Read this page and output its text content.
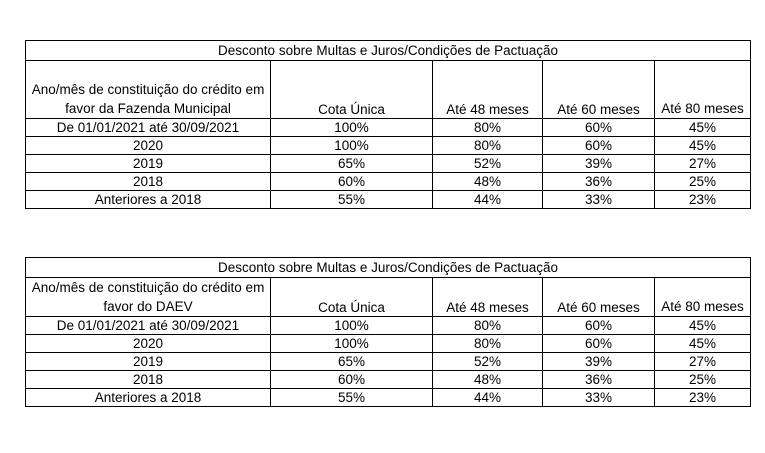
Desconto sobre Multas e Juros/Condições de Pactuação				
Ano/mês de constituição do crédito em favor da Fazenda Municipal	Cota Única	Até 48 meses	Até 60 meses	Até 80 meses
De 01/01/2021 até 30/09/2021	100%	80%	60%	45%
2020	100%	80%	60%	45%
2019	65%	52%	39%	27%
2018	60%	48%	36%	25%
Anteriores a 2018	55%	44%	33%	23%
Desconto sobre Multas e Juros/Condições de Pactuação				
Ano/mês de constituição do crédito em favor do DAEV	Cota Única	Até 48 meses	Até 60 meses	Até 80 meses
De 01/01/2021 até 30/09/2021	100%	80%	60%	45%
2020	100%	80%	60%	45%
2019	65%	52%	39%	27%
2018	60%	48%	36%	25%
Anteriores a 2018	55%	44%	33%	23%
